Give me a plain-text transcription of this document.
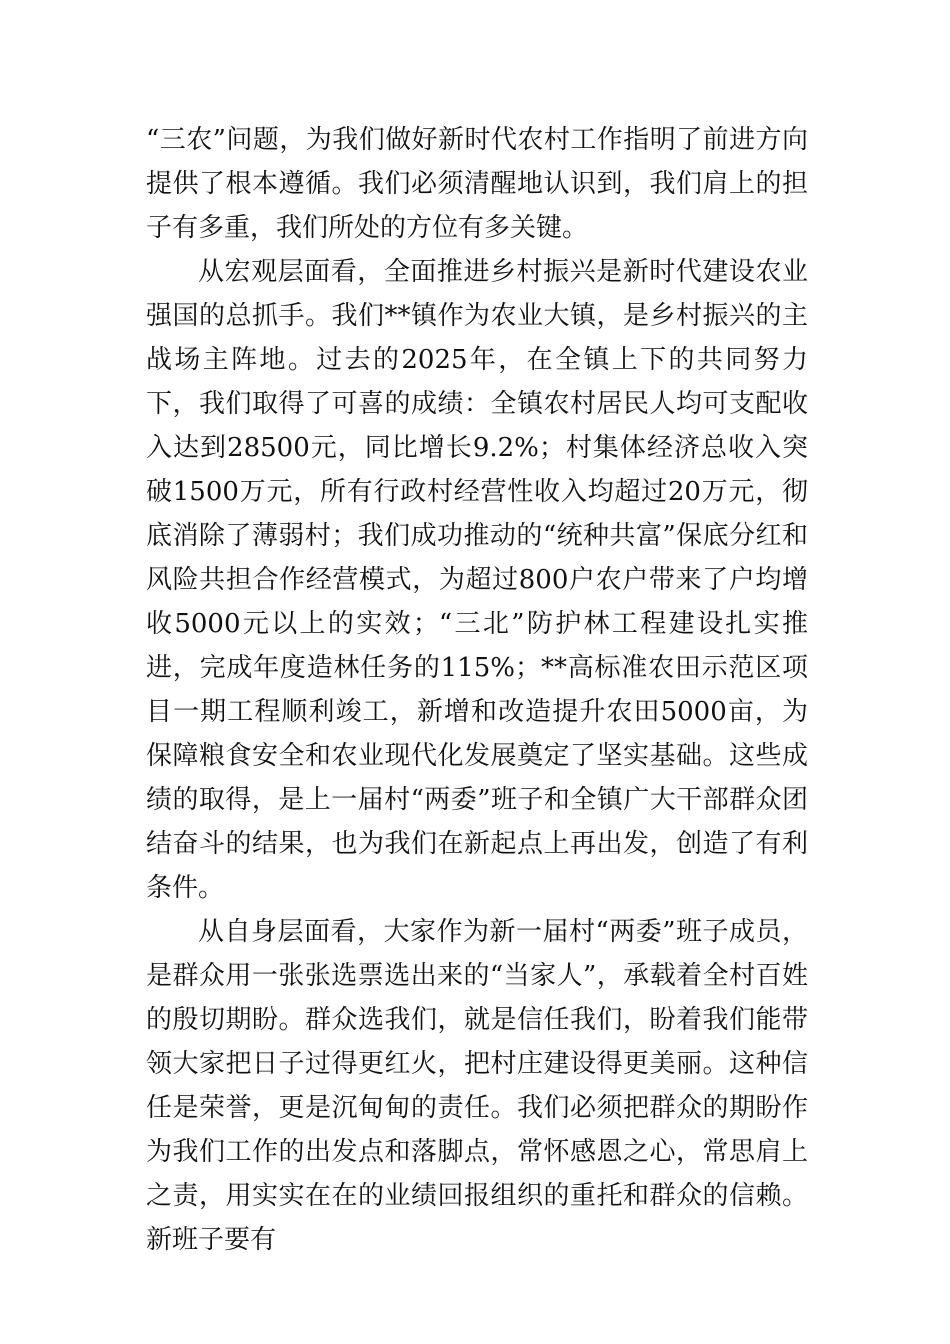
“三农”问题，为我们做好新时代农村工作指明了前进方向提供了根本遵循。我们必须清醒地认识到，我们肩上的担子有多重，我们所处的方位有多关键。

从宏观层面看，全面推进乡村振兴是新时代建设农业强国的总抓手。我们**镇作为农业大镇，是乡村振兴的主战场主阵地。过去的2025年，在全镇上下的共同努力下，我们取得了可喜的成绩：全镇农村居民人均可支配收入达到28500元，同比增长9.2%；村集体经济总收入突破1500万元，所有行政村经营性收入均超过20万元，彻底消除了薄弱村；我们成功推动的“统种共富”保底分红和风险共担合作经营模式，为超过800户农户带来了户均增收5000元以上的实效；“三北”防护林工程建设扎实推进，完成年度造林任务的115%；**高标准农田示范区项目一期工程顺利竣工，新增和改造提升农田5000亩，为保障粮食安全和农业现代化发展奠定了坚实基础。这些成绩的取得，是上一届村“两委”班子和全镇广大干部群众团结奋斗的结果，也为我们在新起点上再出发，创造了有利条件。

从自身层面看，大家作为新一届村“两委”班子成员，是群众用一张张选票选出来的“当家人”，承载着全村百姓的殷切期盼。群众选我们，就是信任我们，盼着我们能带领大家把日子过得更红火，把村庄建设得更美丽。这种信任是荣誉，更是沉甸甸的责任。我们必须把群众的期盼作为我们工作的出发点和落脚点，常怀感恩之心，常思肩上之责，用实实在在的业绩回报组织的重托和群众的信赖。新班子要有
